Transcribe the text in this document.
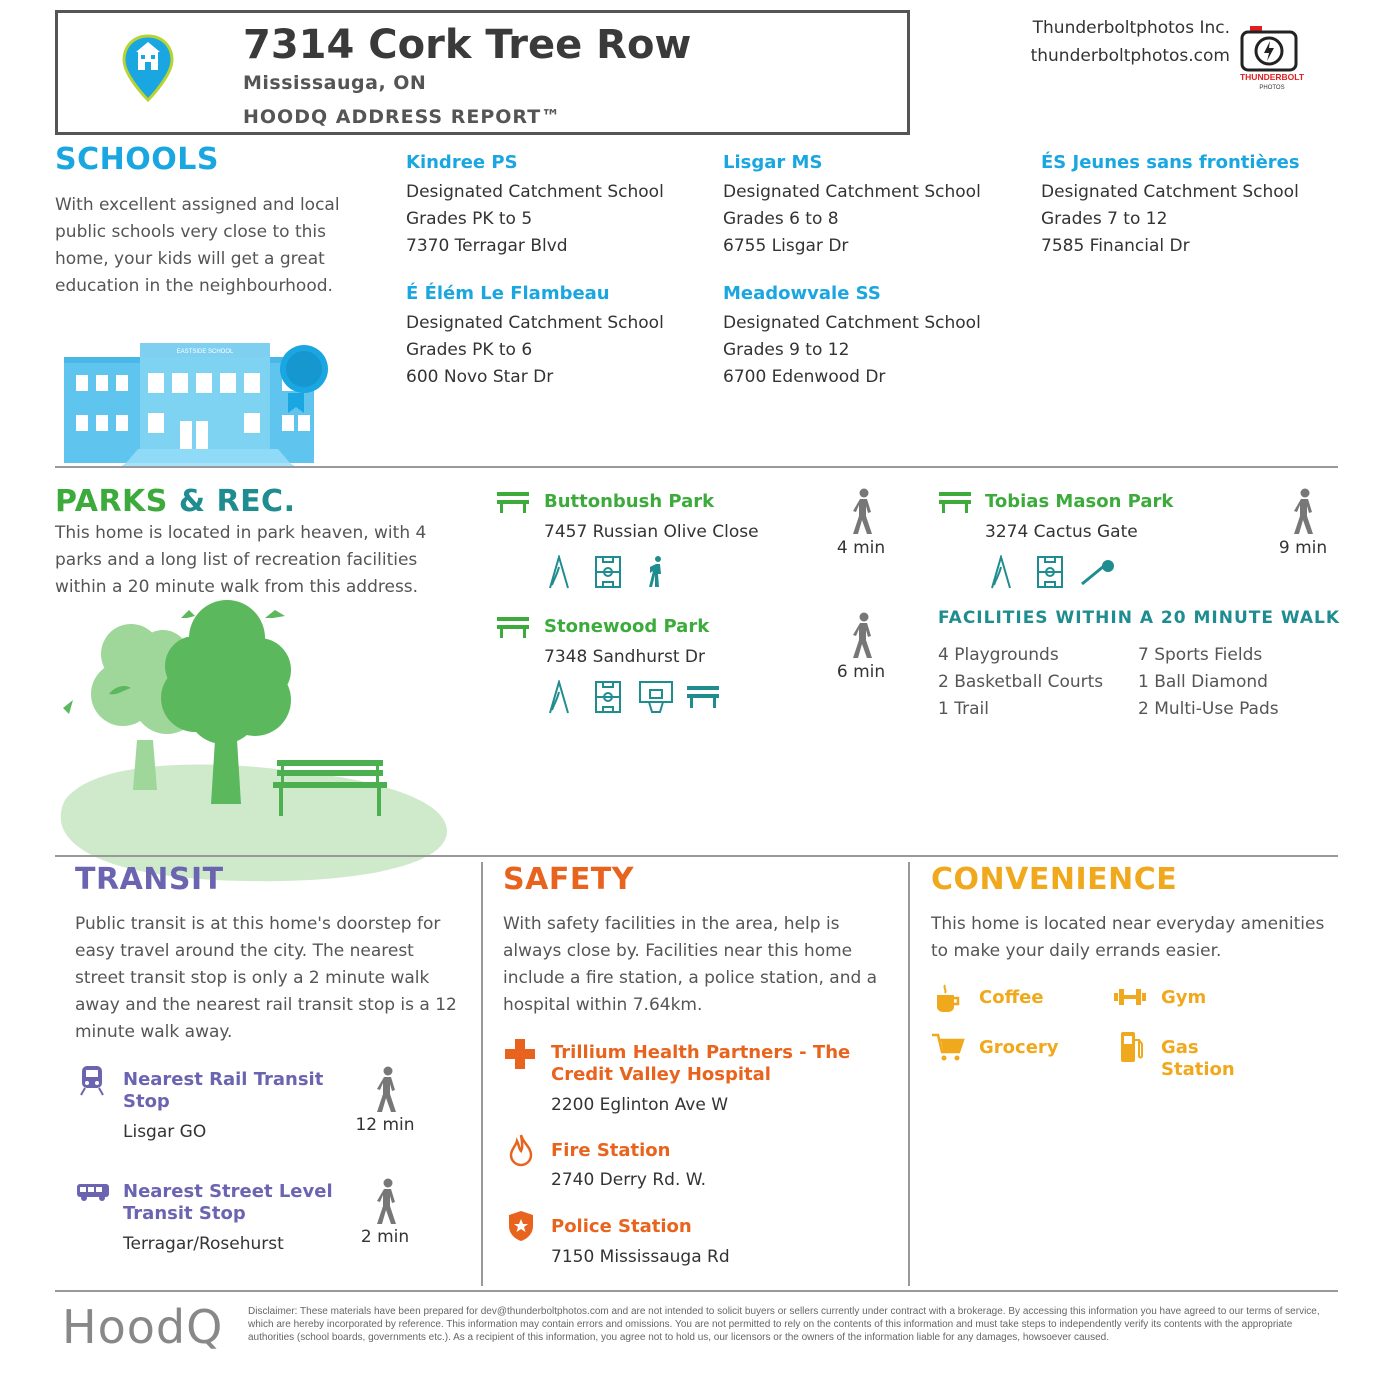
7314 Cork Tree Row
Mississauga, ON
HOODQ ADDRESS REPORT™
Thunderboltphotos Inc.
thunderboltphotos.com
THUNDERBOLT
PHOTOS
SCHOOLS
With excellent assigned and local public schools very close to this home, your kids will get a great education in the neighbourhood.
EASTSIDE SCHOOL
Kindree PS
Designated Catchment School
Grades PK to 5
7370 Terragar Blvd
Lisgar MS
Designated Catchment School
Grades 6 to 8
6755 Lisgar Dr
ÉS Jeunes sans frontières
Designated Catchment School
Grades 7 to 12
7585 Financial Dr
É Élém Le Flambeau
Designated Catchment School
Grades PK to 6
600 Novo Star Dr
Meadowvale SS
Designated Catchment School
Grades 9 to 12
6700 Edenwood Dr
PARKS & REC.
This home is located in park heaven, with 4 parks and a long list of recreation facilities within a 20 minute walk from this address.
Buttonbush Park
7457 Russian Olive Close
4 min
Tobias Mason Park
3274 Cactus Gate
9 min
Stonewood Park
7348 Sandhurst Dr
6 min
FACILITIES WITHIN A 20 MINUTE WALK
4 Playgrounds	7 Sports Fields
2 Basketball Courts 1 Ball Diamond
1 Trail	2 Multi-Use Pads
TRANSIT
Public transit is at this home's doorstep for easy travel around the city. The nearest street transit stop is only a 2 minute walk away and the nearest rail transit stop is a 12 minute walk away.
Nearest Rail Transit Stop
Lisgar GO	12 min
Nearest Street Level Transit Stop
Terragar/Rosehurst	2 min
SAFETY
With safety facilities in the area, help is always close by. Facilities near this home include a fire station, a police station, and a hospital within 7.64km.
Trillium Health Partners - The Credit Valley Hospital
2200 Eglinton Ave W
Fire Station
2740 Derry Rd. W.
Police Station
7150 Mississauga Rd
CONVENIENCE
This home is located near everyday amenities to make your daily errands easier.
Coffee	Gym
Grocery	Gas Station
HoodQ Disclaimer: These materials have been prepared for dev@thunderboltphotos.com and are not intended to solicit buyers or sellers currently under contract with a brokerage. By accessing this information you have agreed to our terms of service, which are hereby incorporated by reference. This information may contain errors and omissions. You are not permitted to rely on the contents of this information and must take steps to independently verify its contents with the appropriate authorities (school boards, governments etc.). As a recipient of this information, you agree not to hold us, our licensors or the owners of the information liable for any damages, howsoever caused.
